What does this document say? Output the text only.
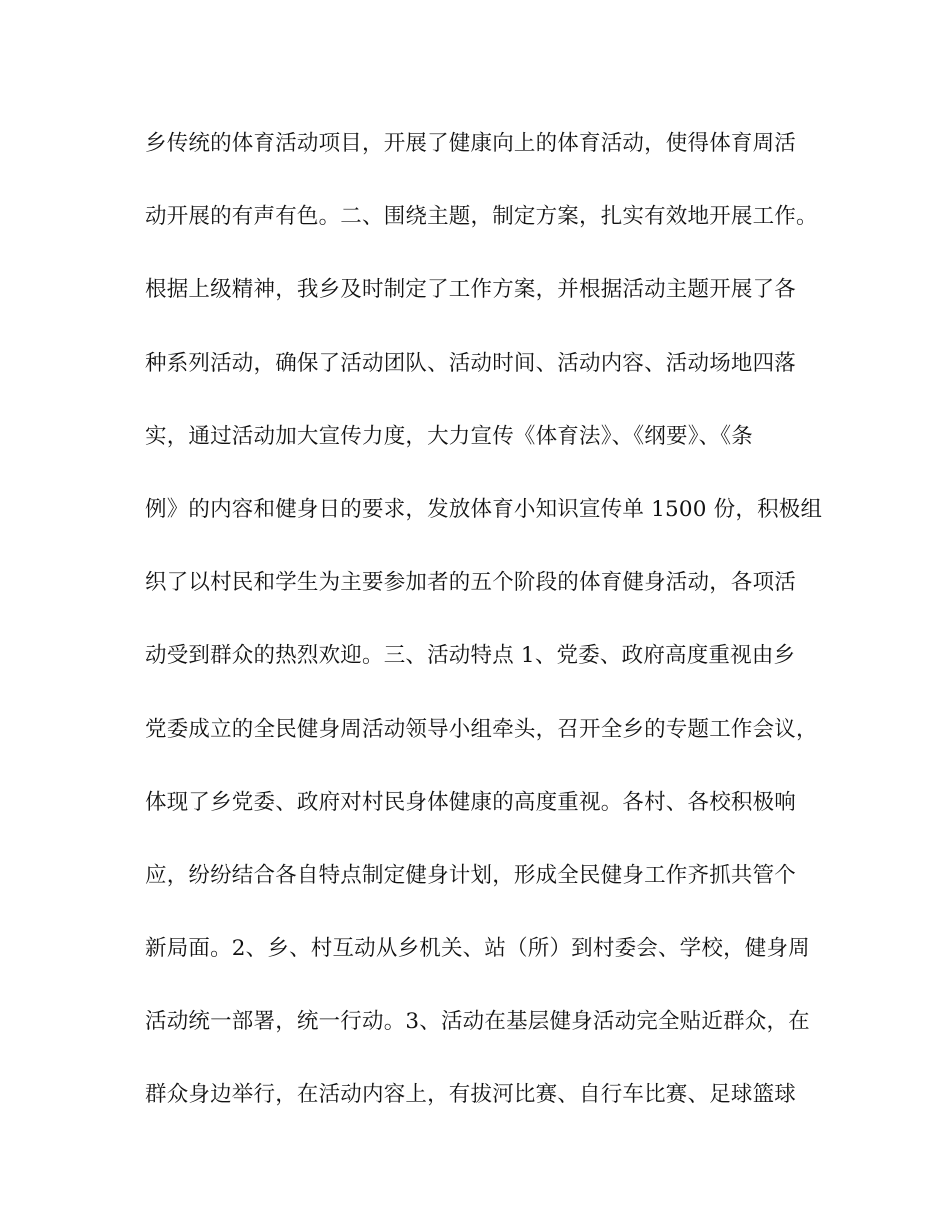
乡传统的体育活动项目，开展了健康向上的体育活动，使得体育周活
动开展的有声有色。二、围绕主题，制定方案，扎实有效地开展工作。
根据上级精神，我乡及时制定了工作方案，并根据活动主题开展了各
种系列活动，确保了活动团队、活动时间、活动内容、活动场地四落
实，通过活动加大宣传力度，大力宣传《体育法》、《纲要》、《条
例》的内容和健身日的要求，发放体育小知识宣传单 1500 份，积极组
织了以村民和学生为主要参加者的五个阶段的体育健身活动，各项活
动受到群众的热烈欢迎。三、活动特点 1、党委、政府高度重视由乡
党委成立的全民健身周活动领导小组牵头，召开全乡的专题工作会议，
体现了乡党委、政府对村民身体健康的高度重视。各村、各校积极响
应，纷纷结合各自特点制定健身计划，形成全民健身工作齐抓共管个
新局面。2、乡、村互动从乡机关、站（所）到村委会、学校，健身周
活动统一部署，统一行动。3、活动在基层健身活动完全贴近群众，在
群众身边举行，在活动内容上，有拔河比赛、自行车比赛、足球篮球
